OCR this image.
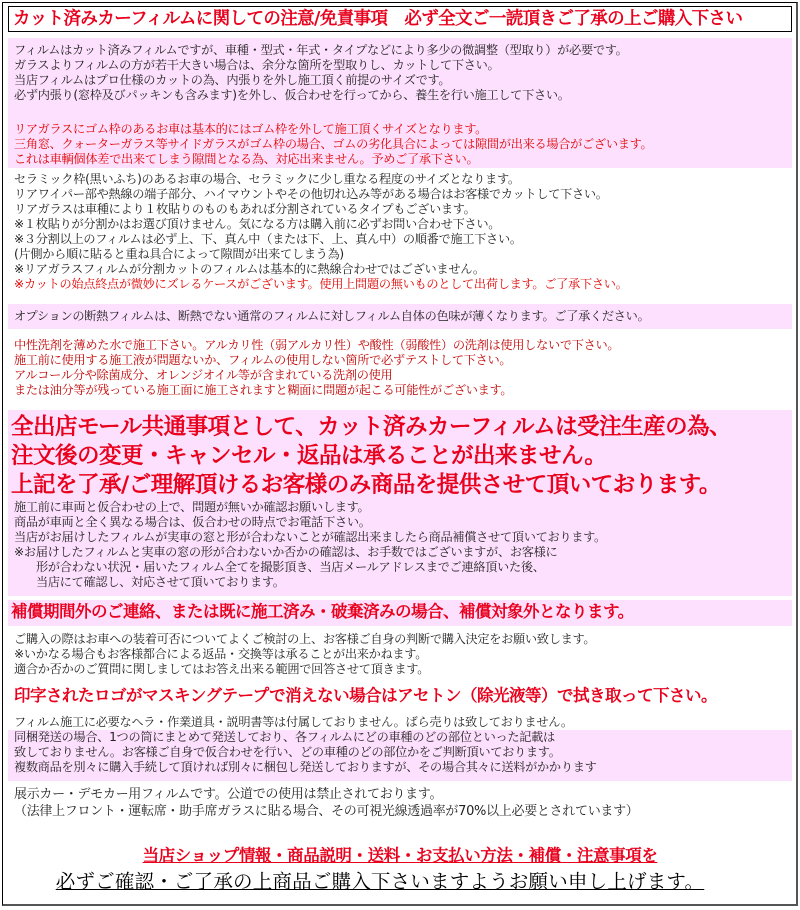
カット済みカーフィルムに関しての注意/免責事項　必ず全文ご一読頂きご了承の上ご購入下さい
フィルムはカット済みフィルムですが、車種・型式・年式・タイプなどにより多少の微調整（型取り）が必要です。
ガラスよりフィルムの方が若干大きい場合は、余分な箇所を型取りし、カットして下さい。
当店フィルムはプロ仕様のカットの為、内張りを外し施工頂く前提のサイズです。
必ず内張り(窓枠及びパッキンも含みます)を外し、仮合わせを行ってから、養生を行い施工して下さい。
リアガラスにゴム枠のあるお車は基本的にはゴム枠を外して施工頂くサイズとなります。
三角窓、クォーターガラス等サイドガラスがゴム枠の場合、ゴムの劣化具合によっては隙間が出来る場合がございます。
これは車輌個体差で出来てしまう隙間となる為、対応出来ません。予めご了承下さい。
セラミック枠(黒いふち)のあるお車の場合、セラミックに少し重なる程度のサイズとなります。
リアワイパー部や熱線の端子部分、ハイマウントやその他切れ込み等がある場合はお客様でカットして下さい。
リアガラスは車種により１枚貼りのものもあれば分割されているタイプもございます。
※１枚貼りが分割かはお選び頂けません。気になる方は購入前に必ずお問い合わせ下さい。
※３分割以上のフィルムは必ず上、下、真ん中（または下、上、真ん中）の順番で施工下さい。
(片側から順に貼ると重ね具合によって隙間が出来てしまう為)
※リアガラスフィルムが分割カットのフィルムは基本的に熱線合わせではございません。
※カットの始点終点が微妙にズレるケースがございます。使用上問題の無いものとして出荷します。ご了承下さい。
オプションの断熱フィルムは、断熱でない通常のフィルムに対しフィルム自体の色味が薄くなります。ご了承ください。
中性洗剤を薄めた水で施工下さい。アルカリ性（弱アルカリ性）や酸性（弱酸性）の洗剤は使用しないで下さい。
施工前に使用する施工液が問題ないか、フィルムの使用しない箇所で必ずテストして下さい。
アルコール分や除菌成分、オレンジオイル等が含まれている洗剤の使用
または油分等が残っている施工面に施工されますと糊面に問題が起こる可能性がございます。
全出店モール共通事項として、カット済みカーフィルムは受注生産の為、
注文後の変更・キャンセル・返品は承ることが出来ません。
上記を了承/ご理解頂けるお客様のみ商品を提供させて頂いております。
施工前に車両と仮合わせの上で、問題が無いか確認お願いします。
商品が車両と全く異なる場合は、仮合わせの時点でお電話下さい。
当店がお届けしたフィルムが実車の窓と形が合わないことが確認出来ましたら商品補償させて頂いております。
※お届けしたフィルムと実車の窓の形が合わないか否かの確認は、お手数ではございますが、お客様に
形が合わない状況・届いたフィルム全てを撮影頂き、当店メールアドレスまでご連絡頂いた後、
当店にて確認し、対応させて頂いております。
補償期間外のご連絡、または既に施工済み・破棄済みの場合、補償対象外となります。
ご購入の際はお車への装着可否についてよくご検討の上、お客様ご自身の判断で購入決定をお願い致します。
※いかなる場合もお客様都合による返品・交換等は承ることが出来かねます。
適合か否かのご質問に関しましてはお答え出来る範囲で回答させて頂きます。
印字されたロゴがマスキングテープで消えない場合はアセトン（除光液等）で拭き取って下さい。
フィルム施工に必要なヘラ・作業道具・説明書等は付属しておりません。ばら売りは致しておりません。
同梱発送の場合、1つの筒にまとめて発送しており、各フィルムにどの車種のどの部位といった記載は
致しておりません。お客様ご自身で仮合わせを行い、どの車種のどの部位かをご判断頂いております。
複数商品を別々に購入手続して頂ければ別々に梱包し発送しておりますが、その場合其々に送料がかかります
展示カー・デモカー用フィルムです。公道での使用は禁止されております。
（法律上フロント・運転席・助手席ガラスに貼る場合、その可視光線透過率が70%以上必要とされています）
当店ショップ情報・商品説明・送料・お支払い方法・補償・注意事項を
必ずご確認・ご了承の上商品ご購入下さいますようお願い申し上げます。
